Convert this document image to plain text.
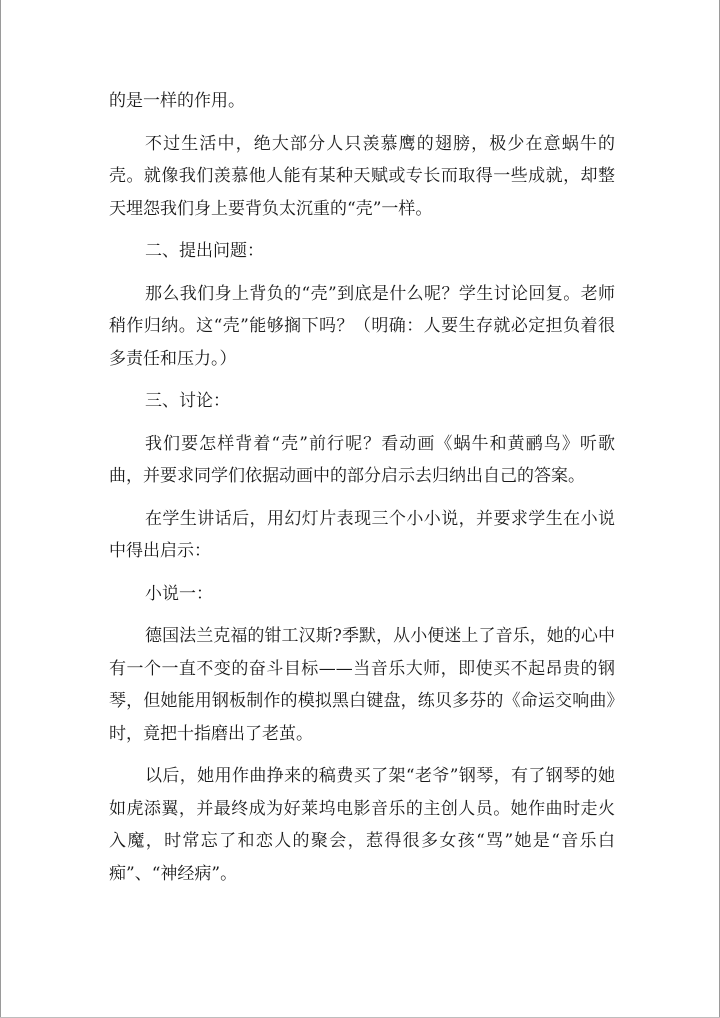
的是一样的作用。

不过生活中，绝大部分人只羡慕鹰的翅膀，极少在意蜗牛的壳。就像我们羡慕他人能有某种天赋或专长而取得一些成就，却整天埋怨我们身上要背负太沉重的“壳”一样。

二、提出问题：

那么我们身上背负的“壳”到底是什么呢？学生讨论回复。老师稍作归纳。这“壳”能够搁下吗？（明确：人要生存就必定担负着很多责任和压力。）

三、讨论：

我们要怎样背着“壳”前行呢？看动画《蜗牛和黄鹂鸟》听歌曲，并要求同学们依据动画中的部分启示去归纳出自己的答案。

在学生讲话后，用幻灯片表现三个小小说，并要求学生在小说中得出启示：

小说一：

德国法兰克福的钳工汉斯?季默，从小便迷上了音乐，她的心中有一个一直不变的奋斗目标——当音乐大师，即使买不起昂贵的钢琴，但她能用钢板制作的模拟黑白键盘，练贝多芬的《命运交响曲》时，竟把十指磨出了老茧。

以后，她用作曲挣来的稿费买了架“老爷”钢琴，有了钢琴的她如虎添翼，并最终成为好莱坞电影音乐的主创人员。她作曲时走火入魔，时常忘了和恋人的聚会，惹得很多女孩“骂”她是“音乐白痴”、“神经病”。
